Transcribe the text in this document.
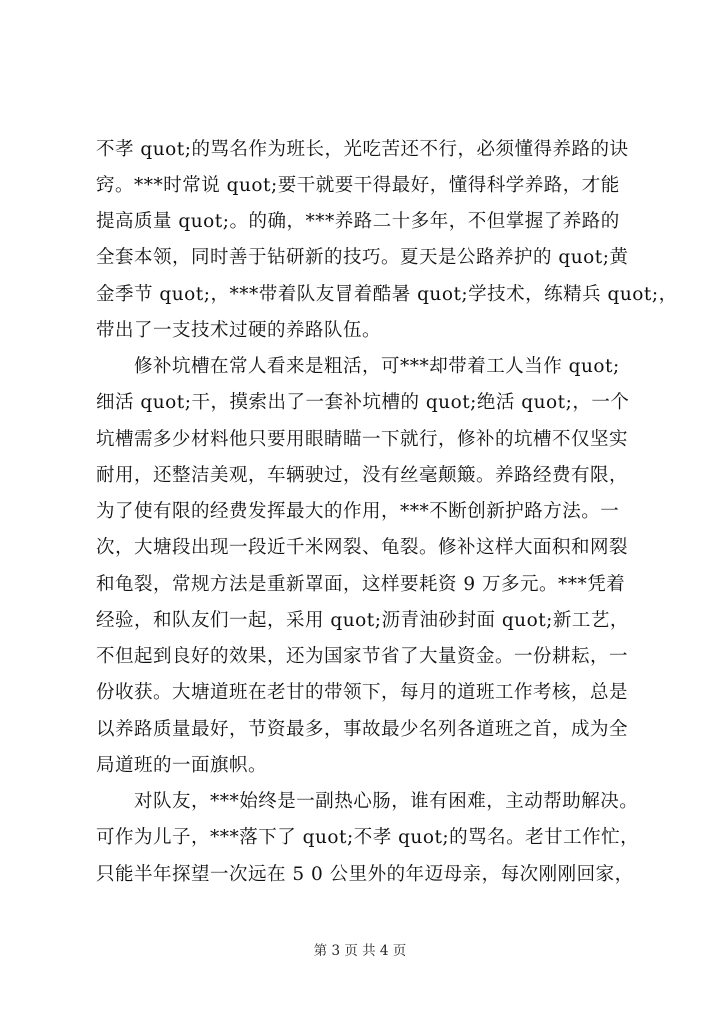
不孝 quot;的骂名作为班长，光吃苦还不行，必须懂得养路的诀
窍。***时常说 quot;要干就要干得最好，懂得科学养路，才能
提高质量 quot;。的确，***养路二十多年，不但掌握了养路的
全套本领，同时善于钻研新的技巧。夏天是公路养护的 quot;黄
金季节 quot;，***带着队友冒着酷暑 quot;学技术，练精兵 quot;，
带出了一支技术过硬的养路队伍。
　　修补坑槽在常人看来是粗活，可***却带着工人当作 quot;
细活 quot;干，摸索出了一套补坑槽的 quot;绝活 quot;，一个
坑槽需多少材料他只要用眼睛瞄一下就行，修补的坑槽不仅坚实
耐用，还整洁美观，车辆驶过，没有丝毫颠簸。养路经费有限，
为了使有限的经费发挥最大的作用，***不断创新护路方法。一
次，大塘段出现一段近千米网裂、龟裂。修补这样大面积和网裂
和龟裂，常规方法是重新罩面，这样要耗资 9 万多元。***凭着
经验，和队友们一起，采用 quot;沥青油砂封面 quot;新工艺，
不但起到良好的效果，还为国家节省了大量资金。一份耕耘，一
份收获。大塘道班在老甘的带领下，每月的道班工作考核，总是
以养路质量最好，节资最多，事故最少名列各道班之首，成为全
局道班的一面旗帜。
　　对队友，***始终是一副热心肠，谁有困难，主动帮助解决。
可作为儿子，***落下了 quot;不孝 quot;的骂名。老甘工作忙，
只能半年探望一次远在 5 0 公里外的年迈母亲，每次刚刚回家，
第 3 页 共 4 页
